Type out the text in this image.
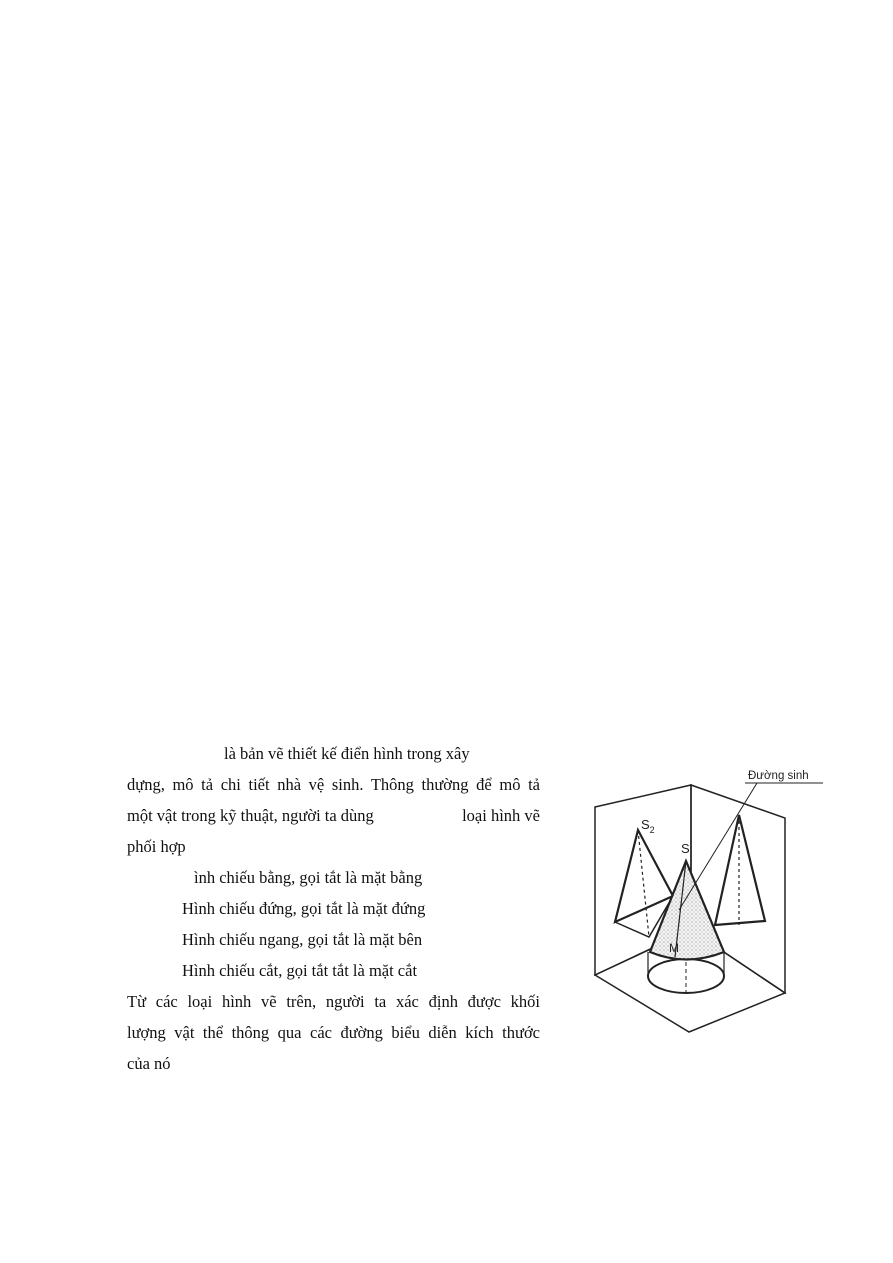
là bản vẽ thiết kế điển hình trong xây
dựng, mô tả chi tiết nhà vệ sinh. Thông thường để mô tả
một vật trong kỹ thuật, người ta dùng	loại hình vẽ
phối hợp
ình chiếu bằng, gọi tắt là mặt bằng
Hình chiếu đứng, gọi tắt là mặt đứng
Hình chiếu ngang, gọi tắt là mặt bên
Hình chiếu cắt, gọi tắt tắt là mặt cắt
Từ các loại hình vẽ trên, người ta xác định được khối
lượng vật thể thông qua các đường biểu diễn kích thước
của nó
Đường sinh
$S_2$
S
M
